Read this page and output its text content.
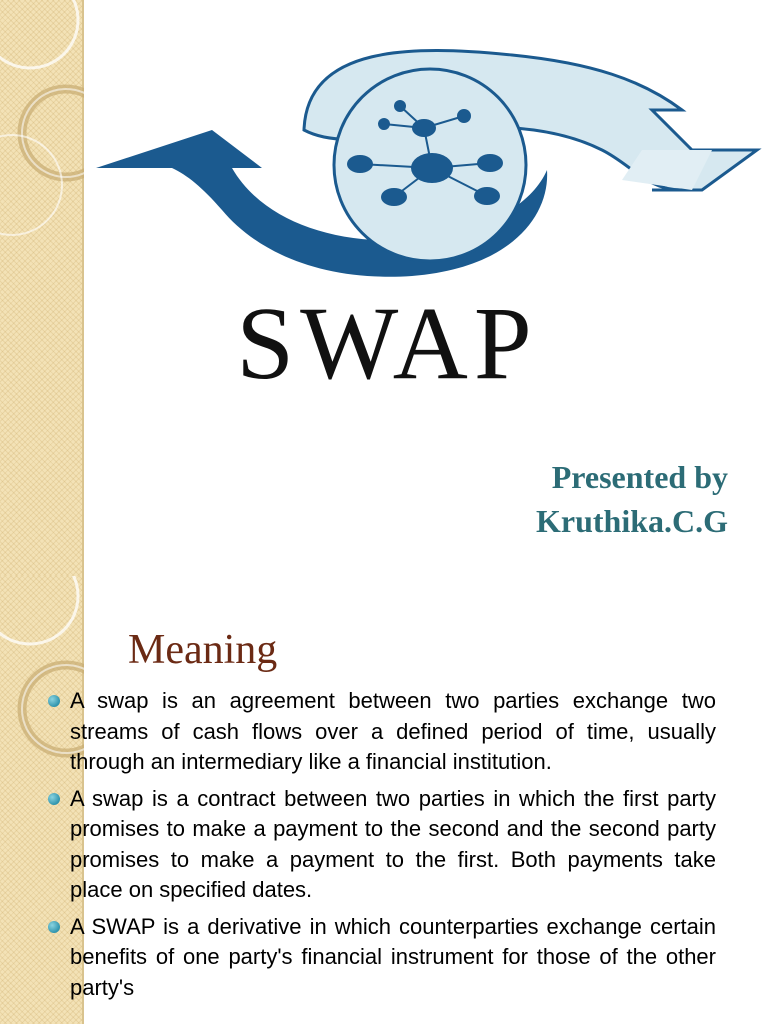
SWAP
Presented by
Kruthika.C.G
Meaning
A swap is an agreement between two parties exchange two streams of cash flows over a defined period of time, usually through an intermediary like a financial institution.
A swap is a contract between two parties in which the first party promises to make a payment to the second and the second party promises to make a payment to the first. Both payments take place on specified dates.
A SWAP is a derivative in which counterparties exchange certain benefits of one party's financial instrument for those of the other party's
